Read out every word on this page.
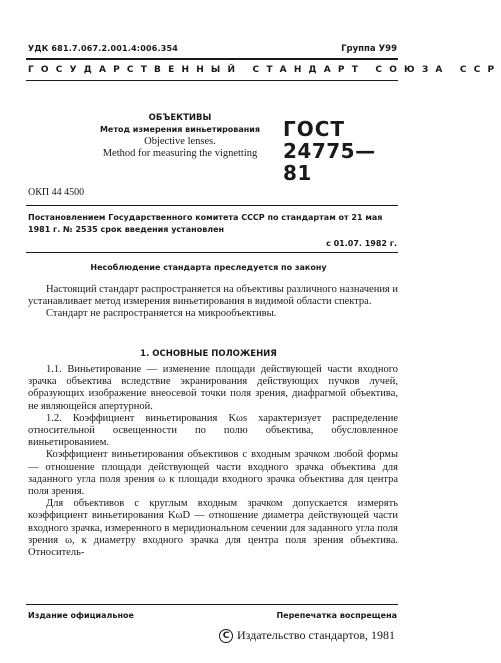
УДК 681.7.067.2.001.4:006.354	Группа У99
ГОСУДАРСТВЕННЫЙ СТАНДАРТ СОЮЗА ССР
ОБЪЕКТИВЫ
Метод измерения виньетирования
Objective lenses.
Method for measuring the vignetting
ГОСТ
24775—81
ОКП 44 4500
Постановлением Государственного комитета СССР по стандартам от 21 мая
1981 г. № 2535 срок введения установлен
с 01.07. 1982 г.
Несоблюдение стандарта преследуется по закону

Настоящий стандарт распространяется на объективы различного назначения и устанавливает метод измерения виньетирования в видимой области спектра.

Стандарт не распространяется на микрообъективы.

1. ОСНОВНЫЕ ПОЛОЖЕНИЯ

1.1. Виньетирование — изменение площади действующей части входного зрачка объектива вследствие экранирования действующих пучков лучей, образующих изображение внеосевой точки поля зрения, диафрагмой объектива, не являющейся апертурной.

1.2. Коэффициент виньетирования Kωs характеризует распределение относительной освещенности по полю объектива, обусловленное виньетированием.

Коэффициент виньетирования объективов с входным зрачком любой формы — отношение площади действующей части входного зрачка объектива для заданного угла поля зрения ω к площади входного зрачка объектива для центра поля зрения.

Для объективов с круглым входным зрачком допускается измерять коэффициент виньетирования KωD — отношение диаметра действующей части входного зрачка, измеренного в меридиональном сечении для заданного угла поля зрения ω, к диаметру входного зрачка для центра поля зрения объектива. Относитель-

Издание официальное	Перепечатка воспрещена
C Издательство стандартов, 1981
